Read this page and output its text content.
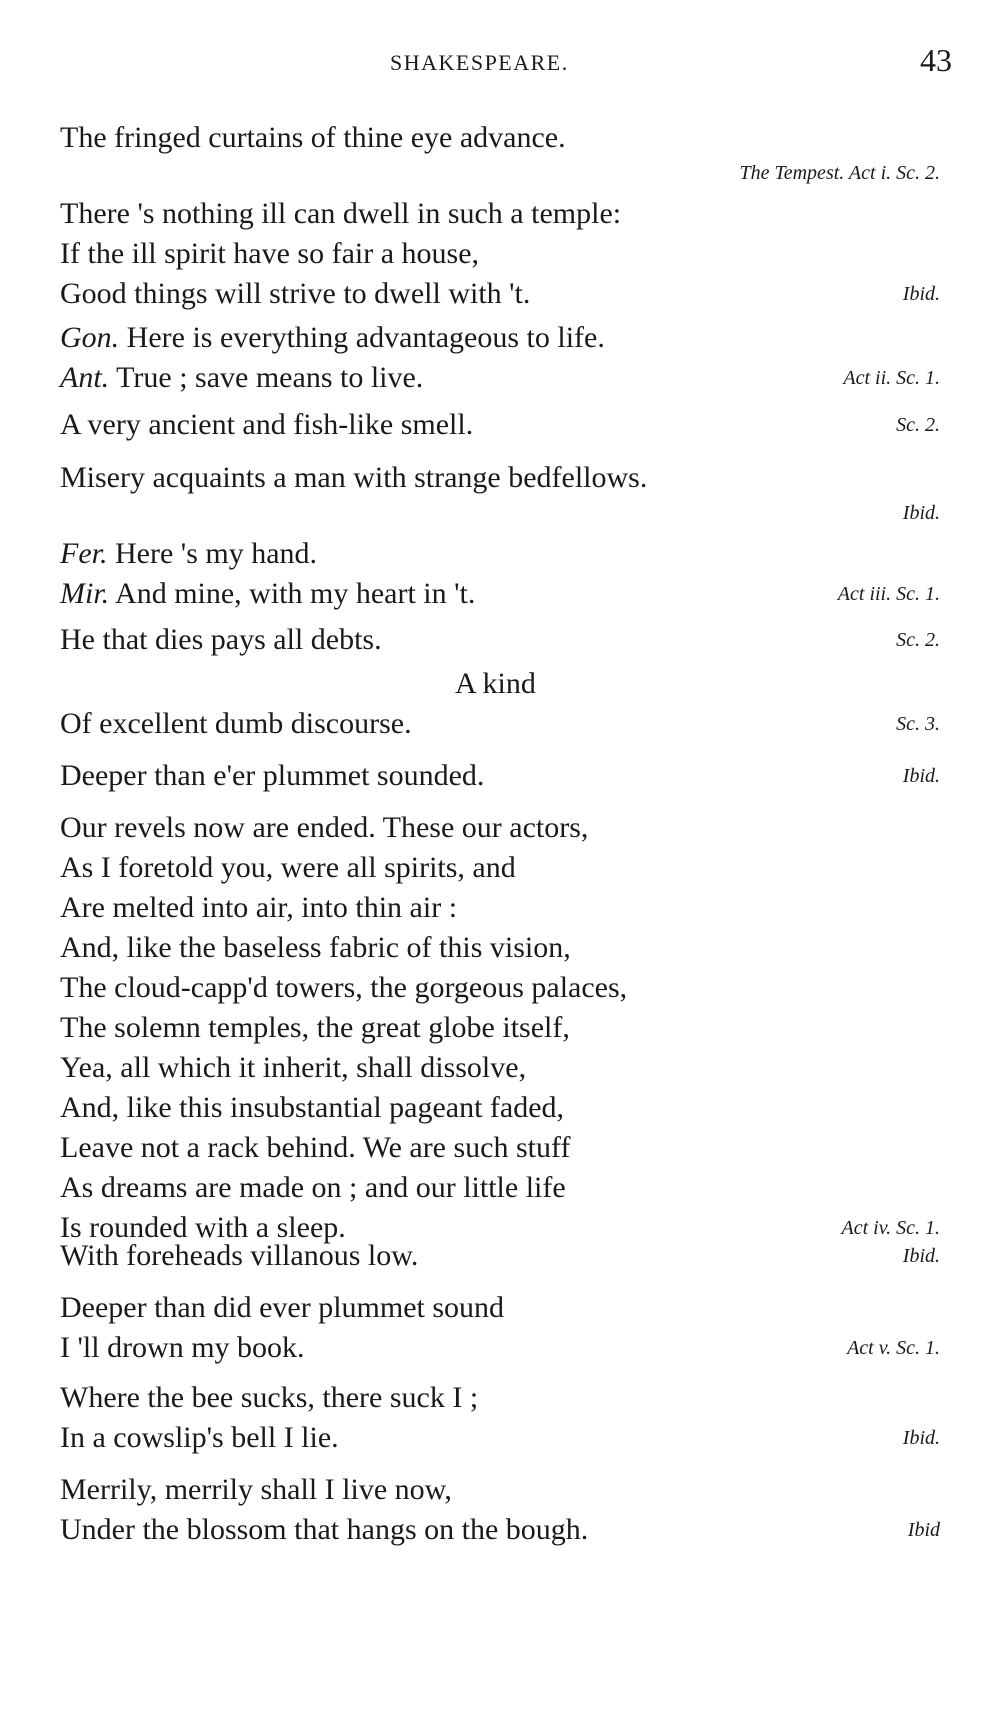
SHAKESPEARE.	43
The fringed curtains of thine eye advance.
The Tempest. Act i. Sc. 2.
There 's nothing ill can dwell in such a temple:
If the ill spirit have so fair a house,
Good things will strive to dwell with 't.	Ibid.
Gon. Here is everything advantageous to life.
Ant. True ; save means to live.	Act ii. Sc. 1.
A very ancient and fish-like smell.	Sc. 2.
Misery acquaints a man with strange bedfellows.
Ibid.
Fer. Here 's my hand.
Mir. And mine, with my heart in 't.	Act iii. Sc. 1.
He that dies pays all debts.	Sc. 2.
A kind
Of excellent dumb discourse.	Sc. 3.
Deeper than e'er plummet sounded.	Ibid.
Our revels now are ended. These our actors,
As I foretold you, were all spirits, and
Are melted into air, into thin air :
And, like the baseless fabric of this vision,
The cloud-capp'd towers, the gorgeous palaces,
The solemn temples, the great globe itself,
Yea, all which it inherit, shall dissolve,
And, like this insubstantial pageant faded,
Leave not a rack behind. We are such stuff
As dreams are made on ; and our little life
Is rounded with a sleep.	Act iv. Sc. 1.
With foreheads villanous low.	Ibid.
Deeper than did ever plummet sound
I 'll drown my book.	Act v. Sc. 1.
Where the bee sucks, there suck I ;
In a cowslip's bell I lie.	Ibid.
Merrily, merrily shall I live now,
Under the blossom that hangs on the bough.	Ibid
